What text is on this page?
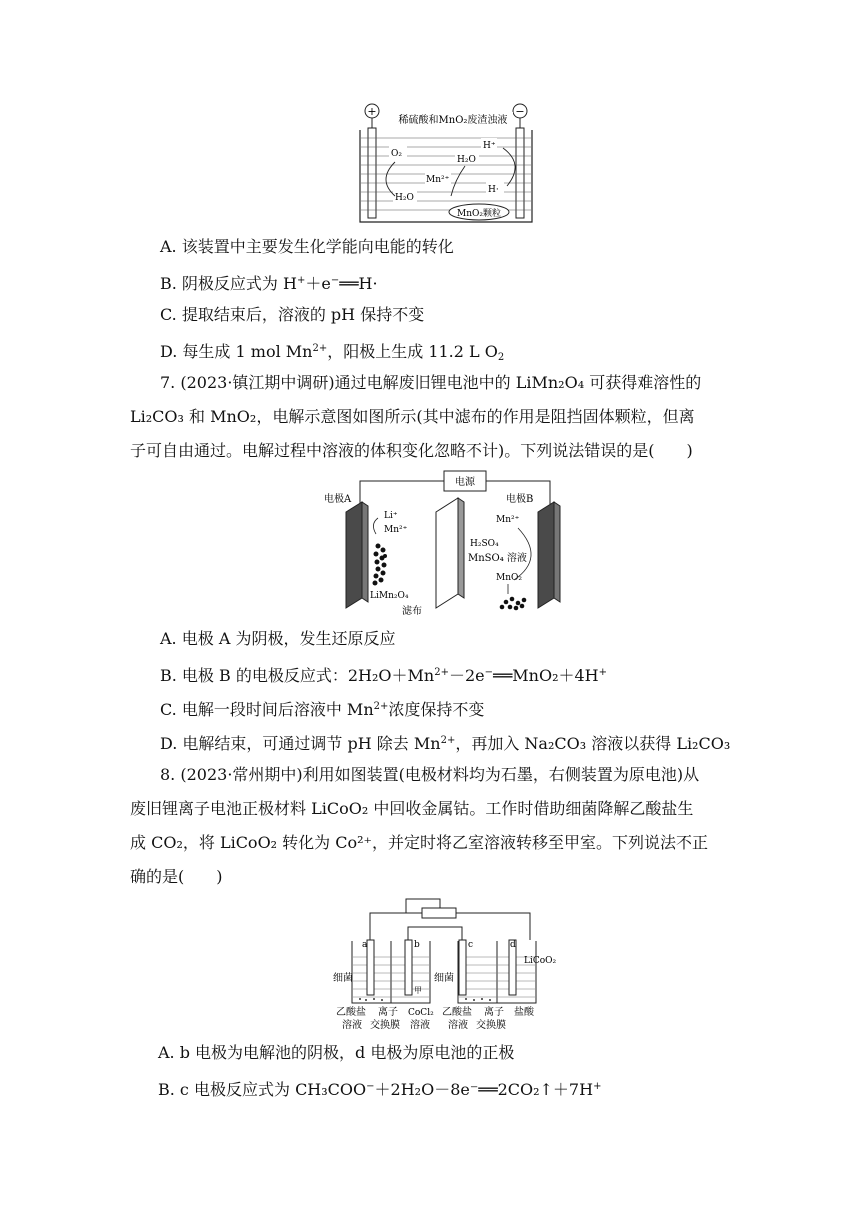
+	−
稀硫酸和MnO₂废渣浊液
O₂
H₂O
H⁺
Mn²⁺
H·
H₂O
MnO₂颗粒
A. 该装置中主要发生化学能向电能的转化
B. 阴极反应式为 H+＋e−══H·
C. 提取结束后，溶液的 pH 保持不变
D. 每生成 1 mol $Mn^{2+}$，阳极上生成 11.2 L $O_2$
7. (2023·镇江期中调研)通过电解废旧锂电池中的 LiMn₂O₄ 可获得难溶性的
Li₂CO₃ 和 MnO₂，电解示意图如图所示(其中滤布的作用是阻挡固体颗粒，但离
子可自由通过。电解过程中溶液的体积变化忽略不计)。下列说法错误的是(　　)
电源
电极A	电极B
Li⁺
Mn²⁺
Mn²⁺
H₂SO₄
MnSO₄ 溶液
MnO₂
LiMn₂O₄
滤布
A. 电极 A 为阴极，发生还原反应
B. 电极 B 的电极反应式：$2H_2O+Mn^{2+}-2e^-══MnO_2+4H^+$
C. 电解一段时间后溶液中 $Mn^{2+}$浓度保持不变
D. 电解结束，可通过调节 pH 除去 $Mn^{2+}$，再加入 Na₂CO₃ 溶液以获得 Li₂CO₃
8. (2023·常州期中)利用如图装置(电极材料均为石墨，右侧装置为原电池)从
废旧锂离子电池正极材料 LiCoO₂ 中回收金属钴。工作时借助细菌降解乙酸盐生
成 CO₂，将 LiCoO₂ 转化为 Co²⁺，并定时将乙室溶液转移至甲室。下列说法不正
确的是(　　)
a	b	c	d
甲
LiCoO₂
细菌	细菌
乙酸盐
溶液
离子
交换膜
CoCl₂
溶液
乙酸盐
溶液
离子
交换膜
盐酸
A. b 电极为电解池的阴极，d 电极为原电池的正极
B. c 电极反应式为 CH₃COO−＋2H₂O－8e⁻══2CO₂↑＋7H+
